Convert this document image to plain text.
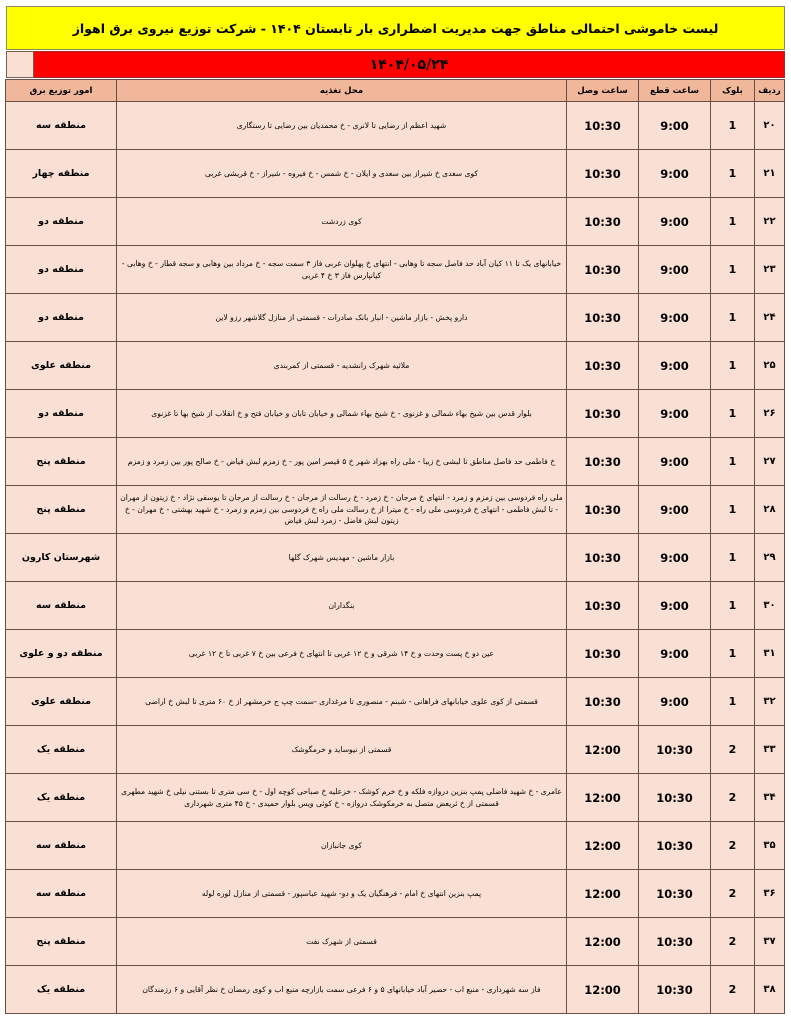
لیست خاموشی احتمالی مناطق جهت مدیریت اضطراری بار تابستان ۱۴۰۴ - شرکت توزیع نیروی برق اهواز
۱۴۰۴/۰۵/۲۴
ردیف	بلوک	ساعت قطع	ساعت وصل	محل تغذیه	امور توزیع برق
۲۰	1	9:00	10:30	شهید اعظم از رضایی تا لانری - خ محمدیان بین رضایی تا رستگاری	منطقه سه
۲۱	1	9:00	10:30	کوی سعدی خ شیراز بین سعدی و ایلان - خ شمس - خ فیروه - شیراز - خ قریشی غربی	منطقه چهار
۲۲	1	9:00	10:30	کوی زردشت	منطقه دو
۲۳	1	9:00	10:30	خیابانهای یک تا ۱۱ کیان آباد حد فاصل سجه تا وهابی - انتهای خ پهلوان غربی فاز ۳ سمت سجه - خ مرداد بین وهابی و سجه قطار - خ وهابی - کیانپارس فاز ۳ خ ۴ غربی	منطقه دو
۲۴	1	9:00	10:30	دارو پخش - بازار ماشین - انبار بانک صادرات - قسمتی از منازل گلاشهر رزو لاین	منطقه دو
۲۵	1	9:00	10:30	ملاثیه شهرک رانشدیه - قسمتی از کمربندی	منطقه علوی
۲۶	1	9:00	10:30	بلوار قدس بین شیخ بهاء شمالی و غزنوی - خ شیخ بهاء شمالی و خیابان تابان و خیابان فتح و خ انقلاب از شیخ بها تا غزنوی	منطقه دو
۲۷	1	9:00	10:30	خ فاطمی حد فاصل مناطق تا لبشی خ زیبا - ملی راه بهزاد شهر خ ۵ قیصر امین پور - خ زمزم لبش فیاض - خ صالح پور بین زمرد و زمزم	منطقه پنج
۲۸	1	9:00	10:30	ملی راه فردوسی بین زمزم و زمرد - انتهای خ مرجان - خ زمرد - خ رسالت از مرجان - خ رسالت از مرجان تا یوسفی نژاد - خ زیتون از مهران - تا لبش فاطمی - انتهای خ فردوسی ملی راه - خ میترا از خ رسالت ملی راه خ فردوسی بین زمزم و زمرد - خ شهید بهشتی - خ مهران - خ زیتون لبش فاضل - زمرد لبش فیاض	منطقه پنج
۲۹	1	9:00	10:30	بازار ماشین - مهدیس شهرک گلها	شهرستان کارون
۳۰	1	9:00	10:30	بنگداران	منطقه سه
۳۱	1	9:00	10:30	عین دو خ پست وحدت و خ ۱۴ شرقی و خ ۱۲ غربی تا انتهای خ فرعی بین خ ۷ غربی تا خ ۱۲ غربی	منطقه دو و علوی
۳۲	1	9:00	10:30	قسمتی از کوی علوی خیابانهای فراهانی - شبنم - منصوری تا مرغداری -سمت چپ ج خرمشهر از خ ۶۰ متری تا لبش خ اراضی	منطقه علوی
۳۳	2	10:30	12:00	قسمتی از نیوساید و خرمگوشک	منطقه یک
۳۴	2	10:30	12:00	عامری - خ شهید فاضلی پمپ بنزین دروازه فلکه و خ خرم کوشک - خزعلیه خ صباحی کوچه اول - خ سی متری تا بستنی نیلی خ شهید مطهری قسمتی از خ ثریعض متصل به خرمکوشک دروازه - خ کوئی ویس بلوار حمیدی - خ ۴۵ متری شهرداری	منطقه یک
۳۵	2	10:30	12:00	کوی جانبازان	منطقه سه
۳۶	2	10:30	12:00	پمپ بنزین انتهای خ امام - فرهنگیان یک و دو- شهید عباسپور - قسمتی از منازل لوره لوله	منطقه سه
۳۷	2	10:30	12:00	قسمتی از شهرک نفت	منطقه پنج
۳۸	2	10:30	12:00	فاز سه شهرداری - منبع اب - حصیر آباد خیابانهای ۵ و ۶ فرعی سمت بازارچه منبع اب و کوی رمضان خ نظر آقایی و ۶ رزمندگان	منطقه یک
